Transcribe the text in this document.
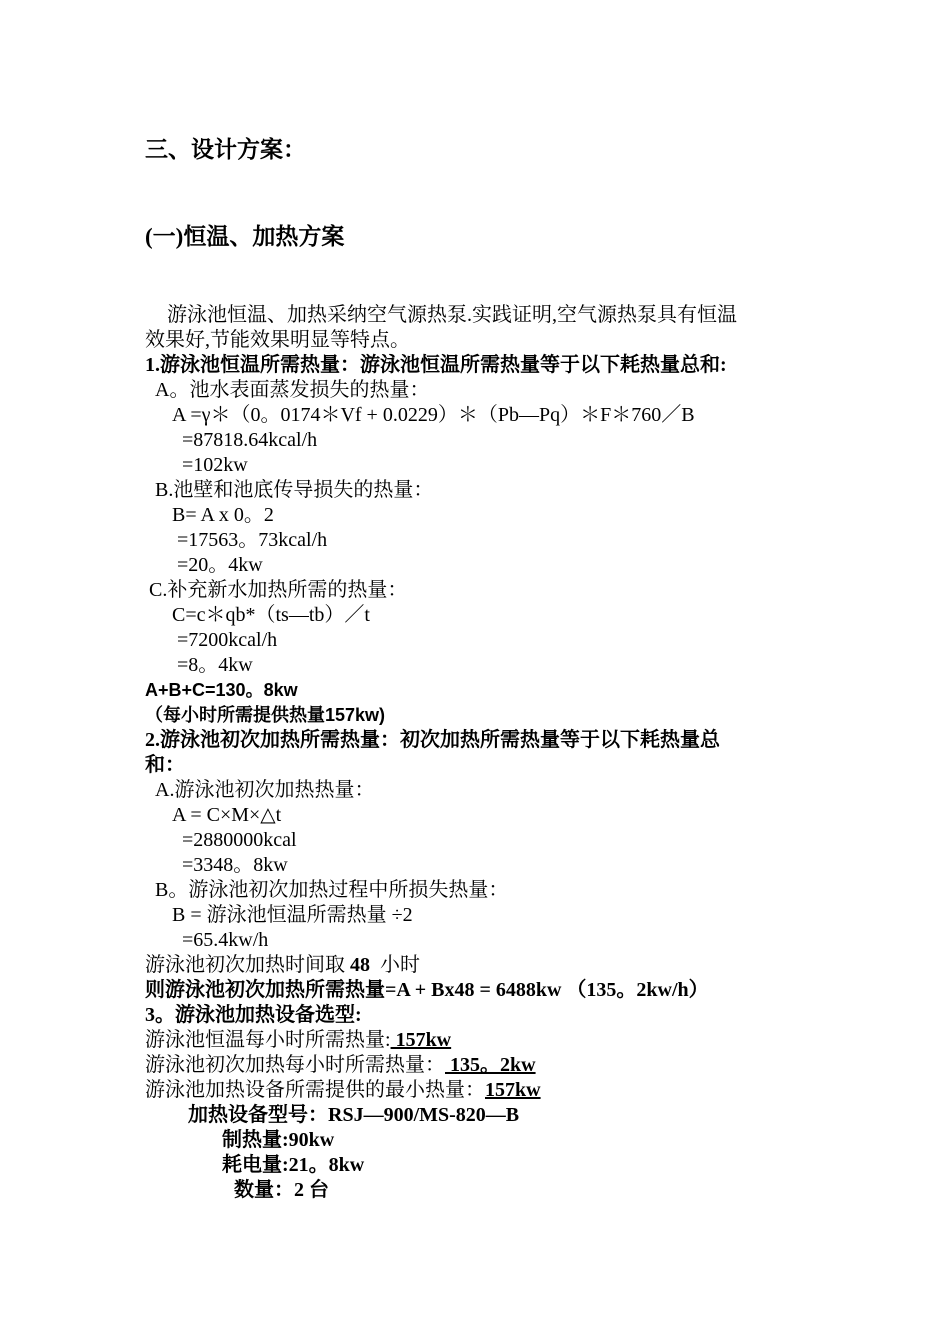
三、设计方案：
(一)恒温、加热方案
游泳池恒温、加热采纳空气源热泵.实践证明,空气源热泵具有恒温
效果好,节能效果明显等特点。
1.游泳池恒温所需热量：游泳池恒温所需热量等于以下耗热量总和:
A。池水表面蒸发损失的热量：
A =γ＊（0。0174＊Vf + 0.0229）＊（Pb—Pq）＊F＊760／B
=87818.64kcal/h
=102kw
B.池壁和池底传导损失的热量：
B= A x 0。2
=17563。73kcal/h
=20。4kw
C.补充新水加热所需的热量：
C=c＊qb*（ts—tb）／t
=7200kcal/h
=8。4kw
A+B+C=130。8kw
（每小时所需提供热量157kw)
2.游泳池初次加热所需热量：初次加热所需热量等于以下耗热量总
和：
A.游泳池初次加热热量：
A = C×M×△t
=2880000kcal
=3348。8kw
B。游泳池初次加热过程中所损失热量：
B = 游泳池恒温所需热量 ÷2
=65.4kw/h
游泳池初次加热时间取 48 小时
则游泳池初次加热所需热量=A + Bx48 = 6488kw （135。2kw/h）
3。游泳池加热设备选型:
游泳池恒温每小时所需热量: 157kw
游泳池初次加热每小时所需热量： 135。2kw
游泳池加热设备所需提供的最小热量：157kw
加热设备型号：RSJ—900/MS-820—B
制热量:90kw
耗电量:21。8kw
数量：2 台
